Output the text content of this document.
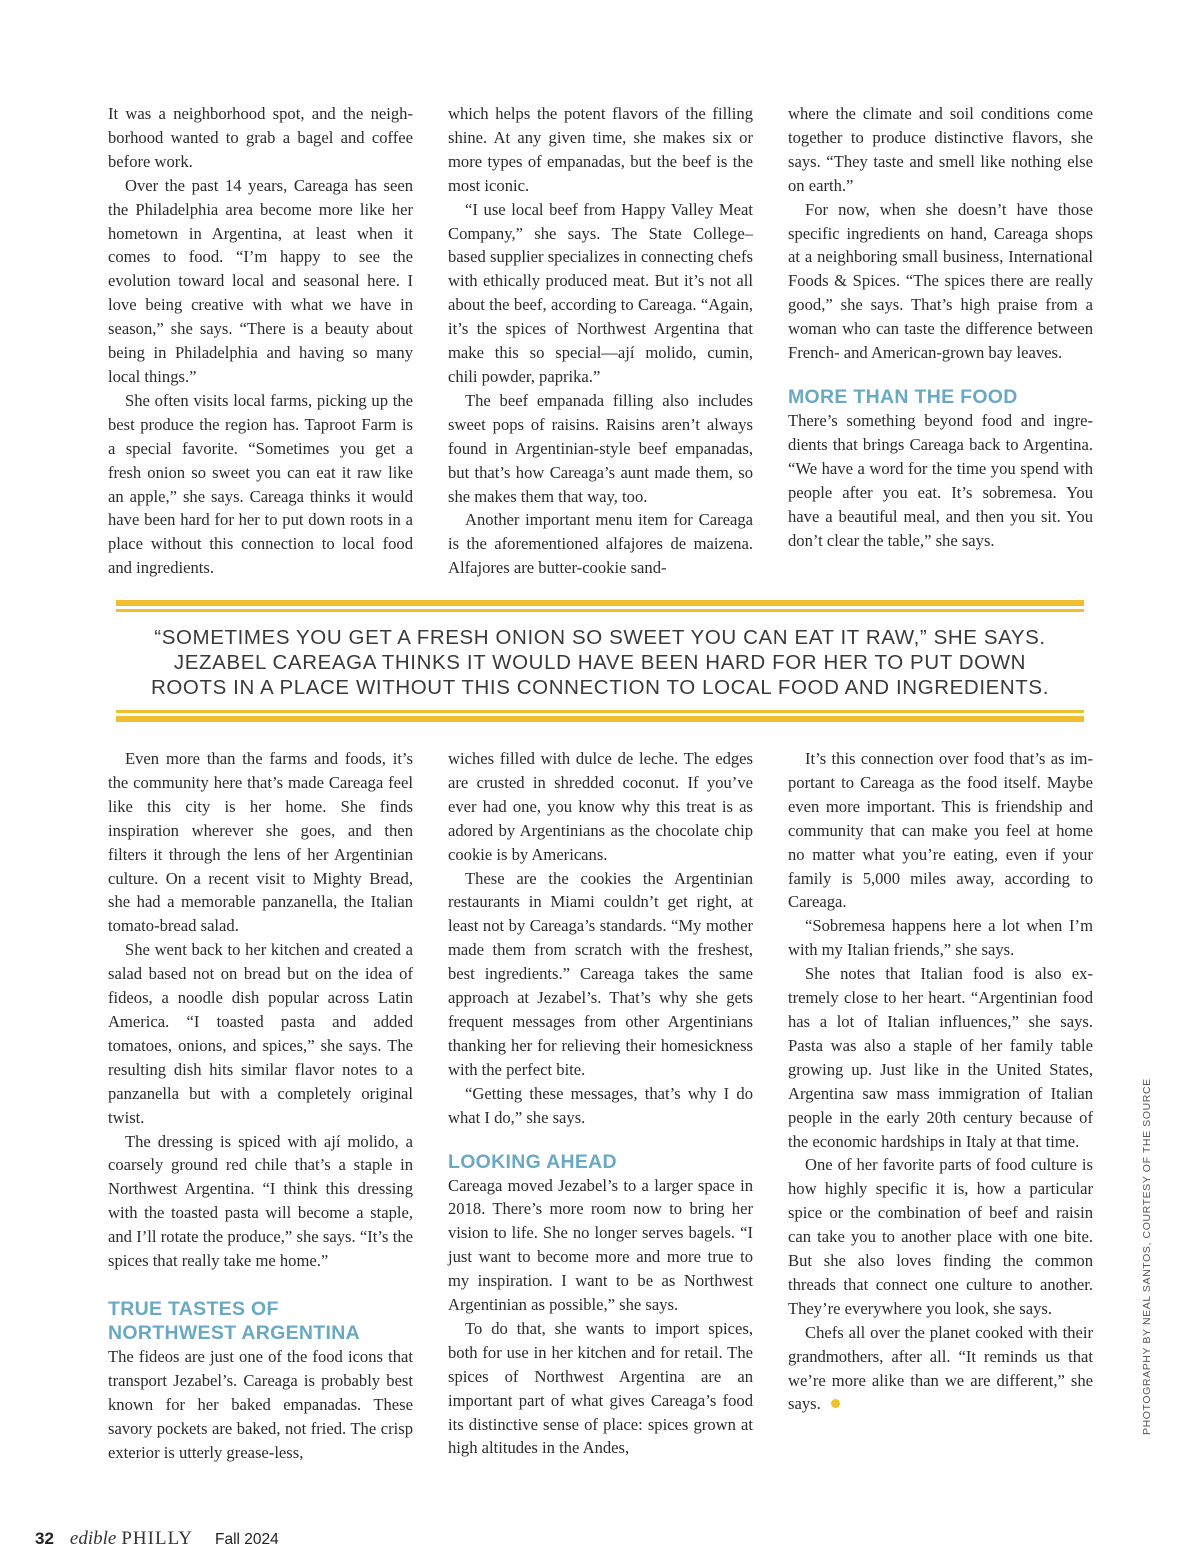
It was a neighborhood spot, and the neighborhood wanted to grab a bagel and coffee before work.

Over the past 14 years, Careaga has seen the Philadelphia area become more like her hometown in Argentina, at least when it comes to food. “I’m happy to see the evolution toward local and seasonal here. I love being creative with what we have in season,” she says. “There is a beauty about being in Philadelphia and having so many local things.”

She often visits local farms, picking up the best produce the region has. Taproot Farm is a special favorite. “Sometimes you get a fresh onion so sweet you can eat it raw like an apple,” she says. Careaga thinks it would have been hard for her to put down roots in a place without this connection to local food and ingredients.

which helps the potent flavors of the filling shine. At any given time, she makes six or more types of empanadas, but the beef is the most iconic.

“I use local beef from Happy Valley Meat Company,” she says. The State College–based supplier specializes in connecting chefs with ethically produced meat. But it’s not all about the beef, according to Careaga. “Again, it’s the spices of Northwest Argentina that make this so special—ají molido, cumin, chili powder, paprika.”

The beef empanada filling also includes sweet pops of raisins. Raisins aren’t always found in Argentinian-style beef empanadas, but that’s how Careaga’s aunt made them, so she makes them that way, too.

Another important menu item for Careaga is the aforementioned alfajores de maizena. Alfajores are butter-cookie sand-

where the climate and soil conditions come together to produce distinctive flavors, she says. “They taste and smell like nothing else on earth.”

For now, when she doesn’t have those specific ingredients on hand, Careaga shops at a neighboring small business, International Foods & Spices. “The spices there are really good,” she says. That’s high praise from a woman who can taste the difference between French- and American-grown bay leaves.

MORE THAN THE FOOD

There’s something beyond food and ingredients that brings Careaga back to Argentina. “We have a word for the time you spend with people after you eat. It’s sobremesa. You have a beautiful meal, and then you sit. You don’t clear the table,” she says.

“SOMETIMES YOU GET A FRESH ONION SO SWEET YOU CAN EAT IT RAW,” SHE SAYS.
JEZABEL CAREAGA THINKS IT WOULD HAVE BEEN HARD FOR HER TO PUT DOWN
ROOTS IN A PLACE WITHOUT THIS CONNECTION TO LOCAL FOOD AND INGREDIENTS.

Even more than the farms and foods, it’s the community here that’s made Careaga feel like this city is her home. She finds inspiration wherever she goes, and then filters it through the lens of her Argentinian culture. On a recent visit to Mighty Bread, she had a memorable panzanella, the Italian tomato-bread salad.

She went back to her kitchen and created a salad based not on bread but on the idea of fideos, a noodle dish popular across Latin America. “I toasted pasta and added tomatoes, onions, and spices,” she says. The resulting dish hits similar flavor notes to a panzanella but with a completely original twist.

The dressing is spiced with ají molido, a coarsely ground red chile that’s a staple in Northwest Argentina. “I think this dressing with the toasted pasta will become a staple, and I’ll rotate the produce,” she says. “It’s the spices that really take me home.”

TRUE TASTES OF
NORTHWEST ARGENTINA

The fideos are just one of the food icons that transport Jezabel’s. Careaga is probably best known for her baked empanadas. These savory pockets are baked, not fried. The crisp exterior is utterly grease-less,

wiches filled with dulce de leche. The edges are crusted in shredded coconut. If you’ve ever had one, you know why this treat is as adored by Argentinians as the chocolate chip cookie is by Americans.

These are the cookies the Argentinian restaurants in Miami couldn’t get right, at least not by Careaga’s standards. “My mother made them from scratch with the freshest, best ingredients.” Careaga takes the same approach at Jezabel’s. That’s why she gets frequent messages from other Argentinians thanking her for relieving their homesickness with the perfect bite.

“Getting these messages, that’s why I do what I do,” she says.

LOOKING AHEAD

Careaga moved Jezabel’s to a larger space in 2018. There’s more room now to bring her vision to life. She no longer serves bagels. “I just want to become more and more true to my inspiration. I want to be as Northwest Argentinian as possible,” she says.

To do that, she wants to import spices, both for use in her kitchen and for retail. The spices of Northwest Argentina are an important part of what gives Careaga’s food its distinctive sense of place: spices grown at high altitudes in the Andes,

It’s this connection over food that’s as important to Careaga as the food itself. Maybe even more important. This is friendship and community that can make you feel at home no matter what you’re eating, even if your family is 5,000 miles away, according to Careaga.

“Sobremesa happens here a lot when I’m with my Italian friends,” she says.

She notes that Italian food is also extremely close to her heart. “Argentinian food has a lot of Italian influences,” she says. Pasta was also a staple of her family table growing up. Just like in the United States, Argentina saw mass immigration of Italian people in the early 20th century because of the economic hardships in Italy at that time.

One of her favorite parts of food culture is how highly specific it is, how a particular spice or the combination of beef and raisin can take you to another place with one bite. But she also loves finding the common threads that connect one culture to another. They’re everywhere you look, she says.

Chefs all over the planet cooked with their grandmothers, after all. “It reminds us that we’re more alike than we are different,” she says.	PHOTOGRAPHY BY NEAL SANTOS, COURTESY OF THE SOURCE
32 edible PHILLY Fall 2024
